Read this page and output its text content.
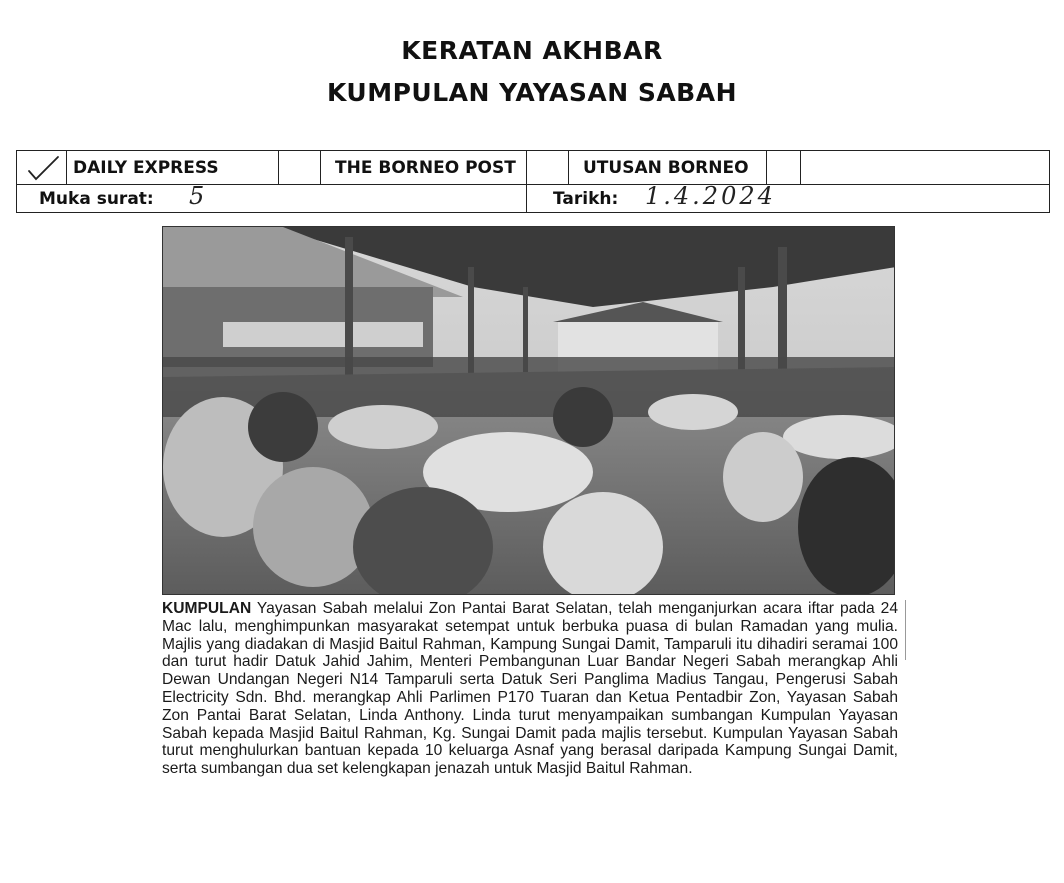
KERATAN AKHBAR
KUMPULAN YAYASAN SABAH
DAILY EXPRESS	THE BORNEO POST	UTUSAN BORNEO
Muka surat: 5	Tarikh: 1.4.2024
KUMPULAN Yayasan Sabah melalui Zon Pantai Barat Selatan, telah menganjurkan acara iftar pada 24 Mac lalu, menghimpunkan masyarakat setempat untuk berbuka puasa di bulan Ramadan yang mulia. Majlis yang diadakan di Masjid Baitul Rahman, Kampung Sungai Damit, Tamparuli itu dihadiri seramai 100 dan turut hadir Datuk Jahid Jahim, Menteri Pembangunan Luar Bandar Negeri Sabah merangkap Ahli Dewan Undangan Negeri N14 Tamparuli serta Datuk Seri Panglima Madius Tangau, Pengerusi Sabah Electricity Sdn. Bhd. merangkap Ahli Parlimen P170 Tuaran dan Ketua Pentadbir Zon, Yayasan Sabah Zon Pantai Barat Selatan, Linda Anthony. Linda turut menyampaikan sumbangan Kumpulan Yayasan Sabah kepada Masjid Baitul Rahman, Kg. Sungai Damit pada majlis tersebut. Kumpulan Yayasan Sabah turut menghulurkan bantuan kepada 10 keluarga Asnaf yang berasal daripada Kampung Sungai Damit, serta sumbangan dua set kelengkapan jenazah untuk Masjid Baitul Rahman.
